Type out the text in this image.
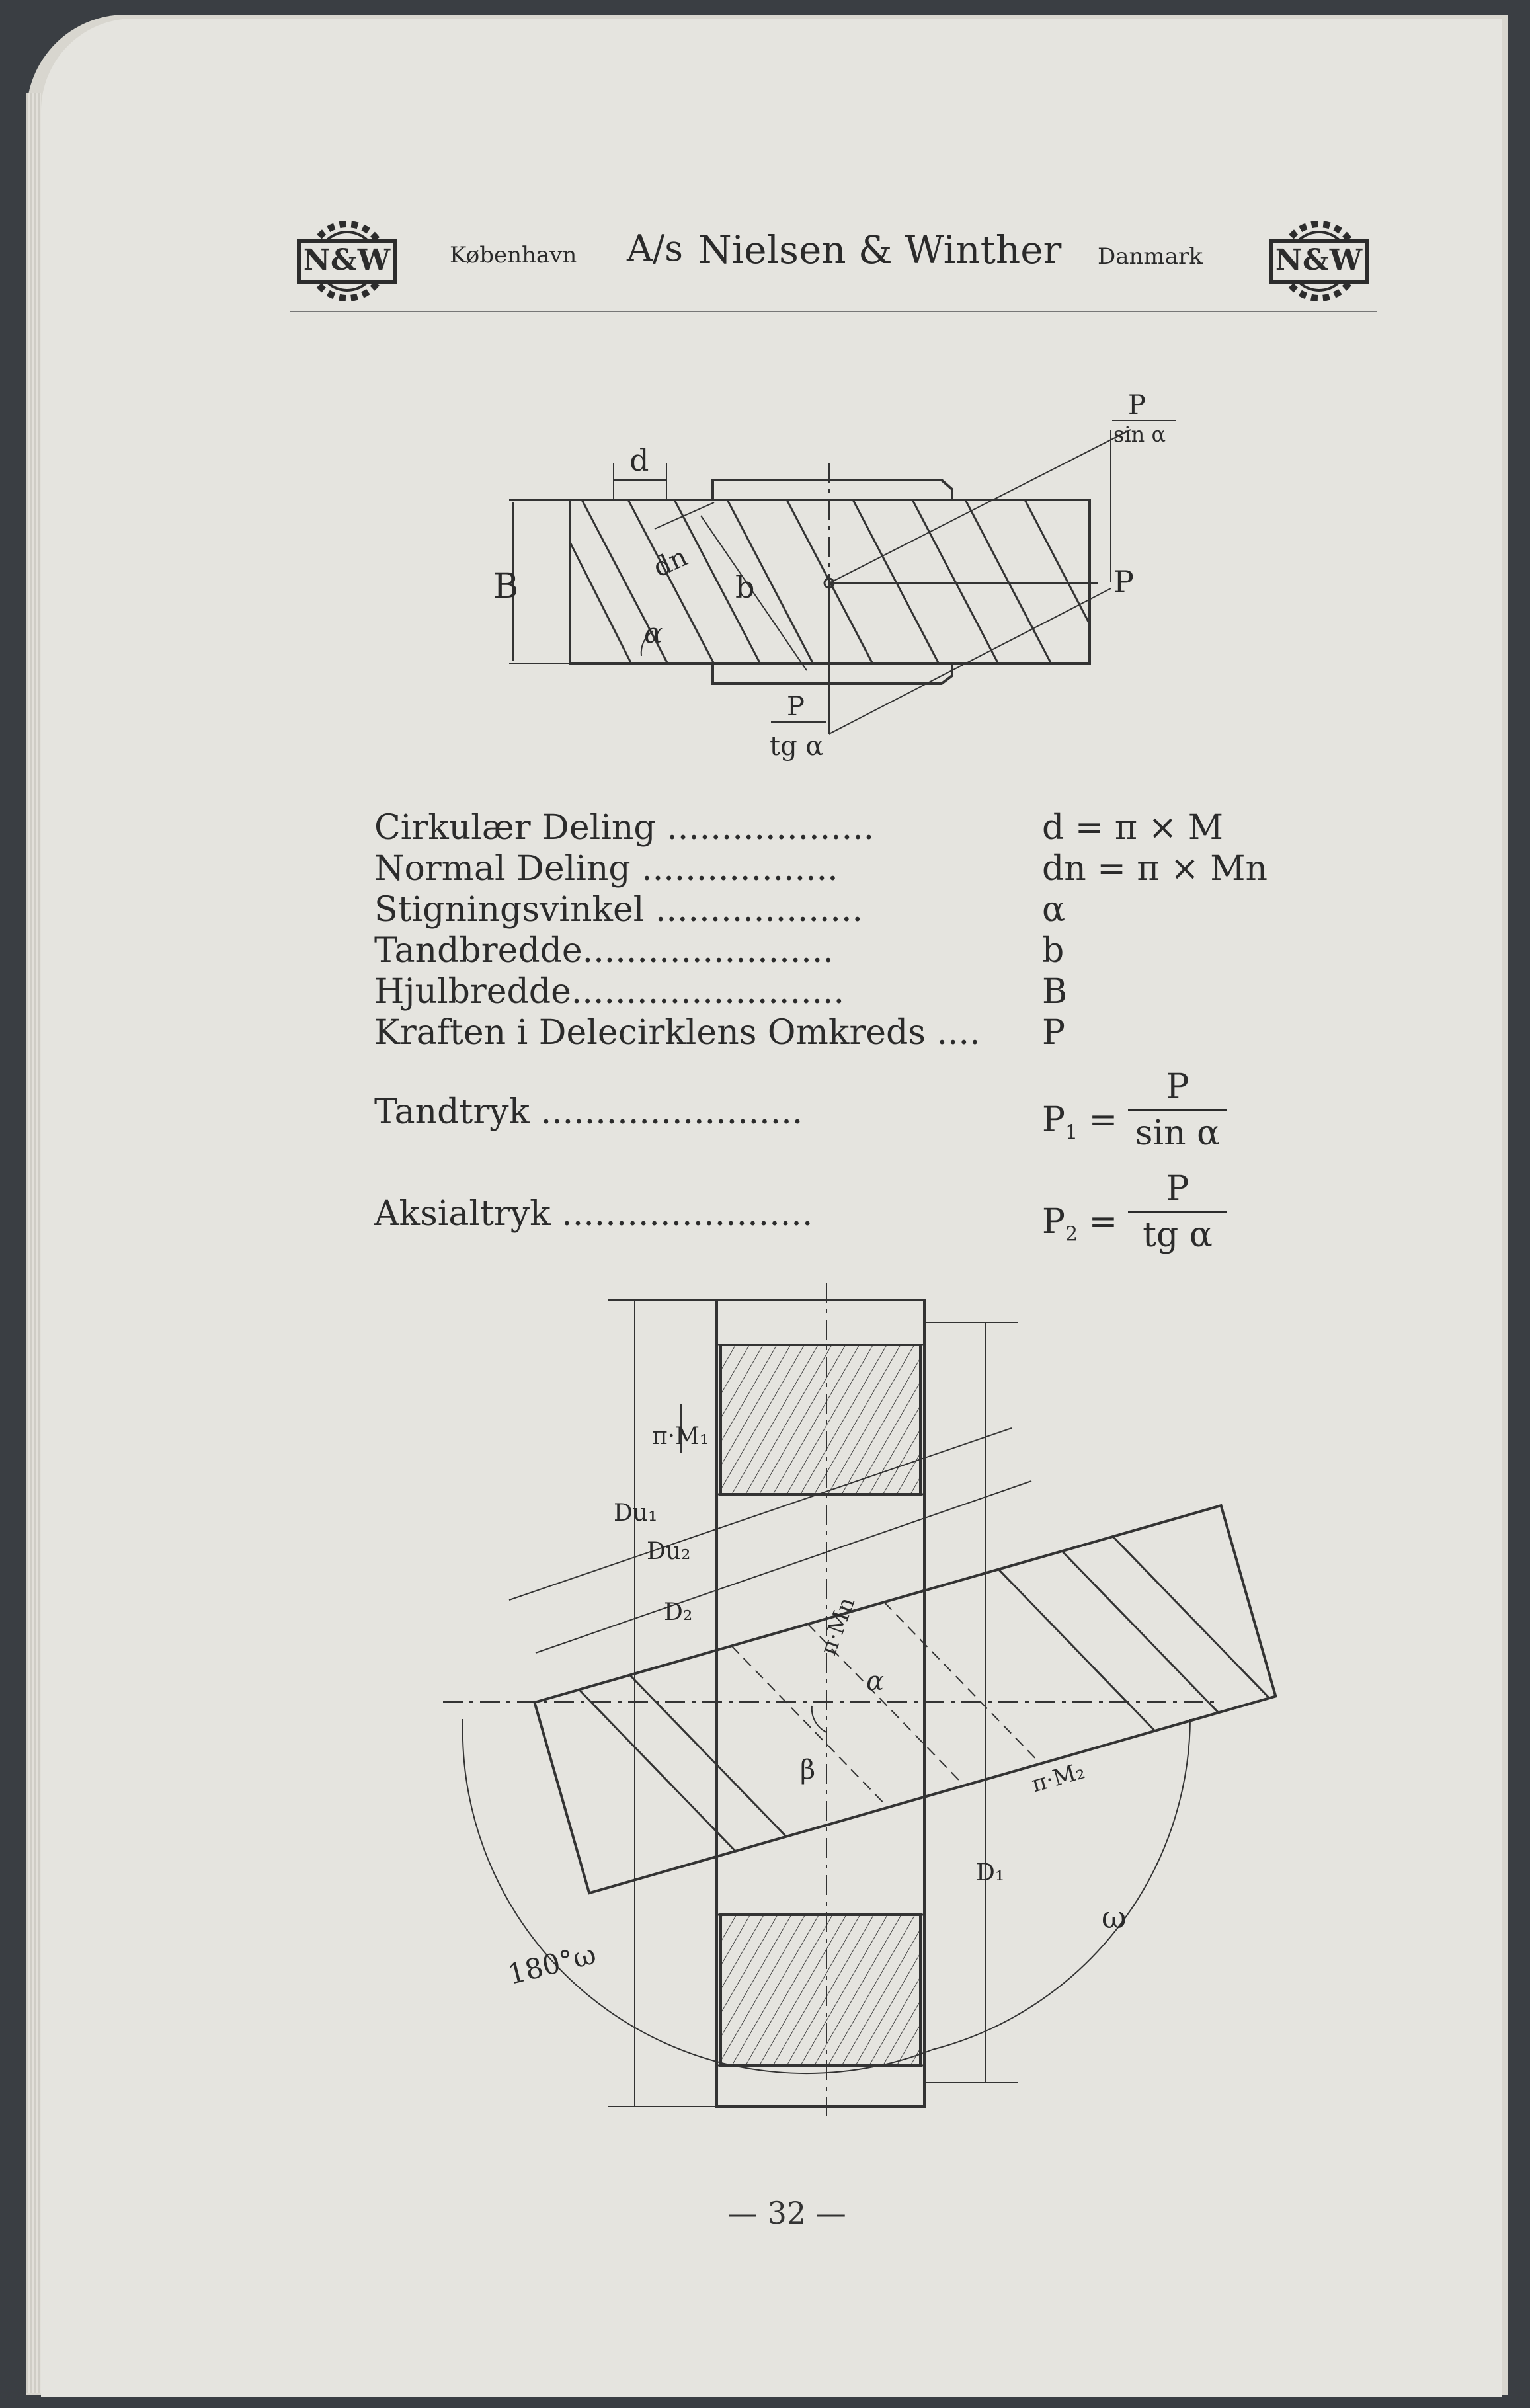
N&W	København A/s Nielsen & Winther Danmark	N&W
d
B
dn
b
α
P
P
sin α
P
tg α
Cirkulær Deling ...................	d = π × M
Normal Deling ..................	dn = π × Mn
Stigningsvinkel ...................	α
Tandbredde.......................	b
Hjulbredde.........................	B
Kraften i Delecirklens Omkreds .... P
Tandtryk ........................	$P_1$ =
P
sin α
Aksialtryk .......................	$P_2$ =
P
tg α
π·M₁
Du₁
Du₂
D₂	π·Mn
α
β	π·M₂
D₁
180°ω
ω
— 32 —
